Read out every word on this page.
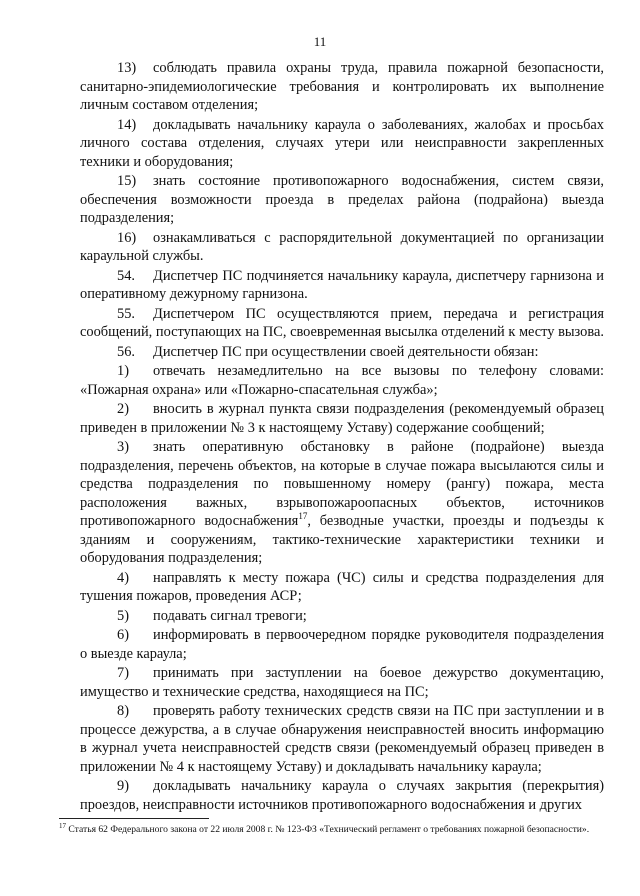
11

13) соблюдать правила охраны труда, правила пожарной безопасности, санитарно-эпидемиологические требования и контролировать их выполнение личным составом отделения;

14) докладывать начальнику караула о заболеваниях, жалобах и просьбах личного состава отделения, случаях утери или неисправности закрепленных техники и оборудования;

15) знать состояние противопожарного водоснабжения, систем связи, обеспечения возможности проезда в пределах района (подрайона) выезда подразделения;

16) ознакамливаться с распорядительной документацией по организации караульной службы.

54. Диспетчер ПС подчиняется начальнику караула, диспетчеру гарнизона и оперативному дежурному гарнизона.

55. Диспетчером ПС осуществляются прием, передача и регистрация сообщений, поступающих на ПС, своевременная высылка отделений к месту вызова.

56. Диспетчер ПС при осуществлении своей деятельности обязан:

1) отвечать незамедлительно на все вызовы по телефону словами: «Пожарная охрана» или «Пожарно-спасательная служба»;

2) вносить в журнал пункта связи подразделения (рекомендуемый образец приведен в приложении № 3 к настоящему Уставу) содержание сообщений;

3) знать оперативную обстановку в районе (подрайоне) выезда подразделения, перечень объектов, на которые в случае пожара высылаются силы и средства подразделения по повышенному номеру (рангу) пожара, места расположения важных, взрывопожароопасных объектов, источников противопожарного водоснабжения$^{17}$, безводные участки, проезды и подъезды к зданиям и сооружениям, тактико-технические характеристики техники и оборудования подразделения;

4) направлять к месту пожара (ЧС) силы и средства подразделения для тушения пожаров, проведения АСР;

5) подавать сигнал тревоги;

6) информировать в первоочередном порядке руководителя подразделения о выезде караула;

7) принимать при заступлении на боевое дежурство документацию, имущество и технические средства, находящиеся на ПС;

8) проверять работу технических средств связи на ПС при заступлении и в процессе дежурства, а в случае обнаружения неисправностей вносить информацию в журнал учета неисправностей средств связи (рекомендуемый образец приведен в приложении № 4 к настоящему Уставу) и докладывать начальнику караула;

9) докладывать начальнику караула о случаях закрытия (перекрытия) проездов, неисправности источников противопожарного водоснабжения и других

$^{17}$ Статья 62 Федерального закона от 22 июля 2008 г. № 123-ФЗ «Технический регламент о требованиях пожарной безопасности».
